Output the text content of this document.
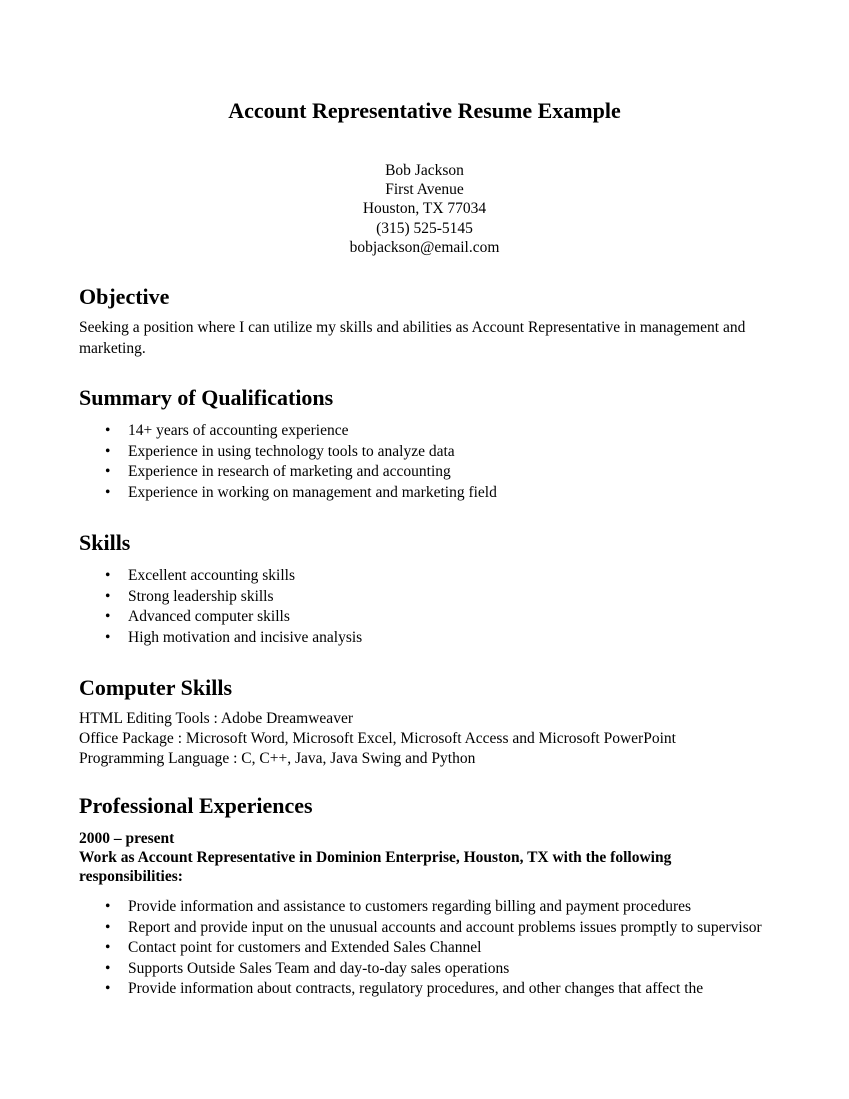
Account Representative Resume Example
Bob Jackson
First Avenue
Houston, TX 77034
(315) 525-5145
bobjackson@email.com
Objective

Seeking a position where I can utilize my skills and abilities as Account Representative in management and marketing.

Summary of Qualifications
• 14+ years of accounting experience
• Experience in using technology tools to analyze data
• Experience in research of marketing and accounting
• Experience in working on management and marketing field
Skills
• Excellent accounting skills
• Strong leadership skills
• Advanced computer skills
• High motivation and incisive analysis
Computer Skills
HTML Editing Tools : Adobe Dreamweaver
Office Package : Microsoft Word, Microsoft Excel, Microsoft Access and Microsoft PowerPoint
Programming Language : C, C++, Java, Java Swing and Python
Professional Experiences
2000 – present
Work as Account Representative in Dominion Enterprise, Houston, TX with the following responsibilities:
• Provide information and assistance to customers regarding billing and payment procedures
• Report and provide input on the unusual accounts and account problems issues promptly to supervisor
• Contact point for customers and Extended Sales Channel
• Supports Outside Sales Team and day-to-day sales operations
• Provide information about contracts, regulatory procedures, and other changes that affect the
